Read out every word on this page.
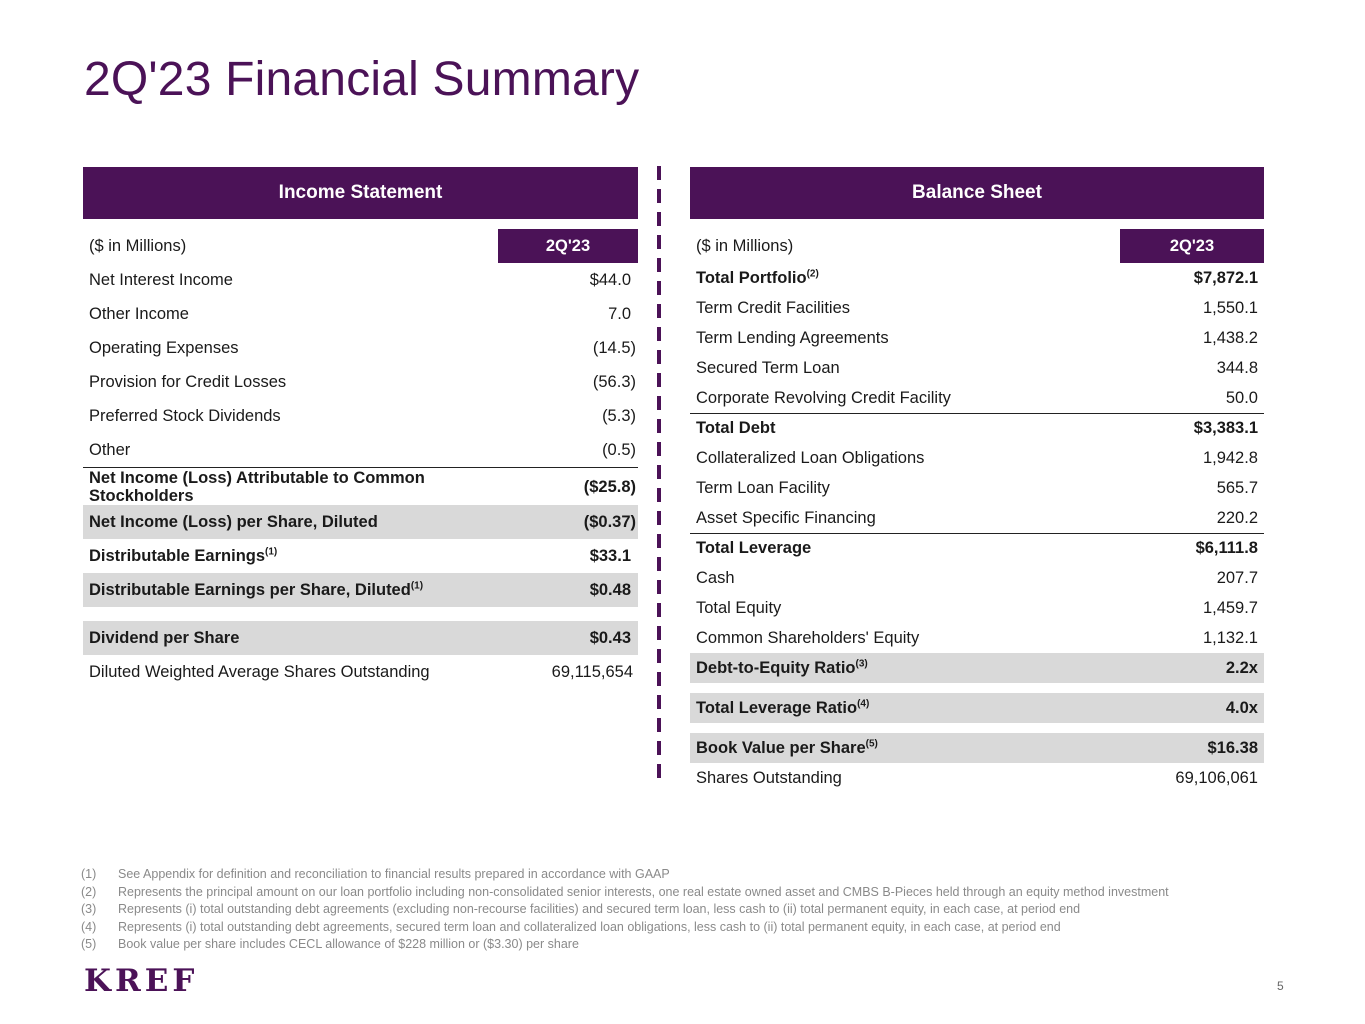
2Q'23 Financial Summary
Income Statement
($ in Millions)	2Q'23
Net Interest Income	$44.0
Other Income	7.0
Operating Expenses	(14.5)
Provision for Credit Losses	(56.3)
Preferred Stock Dividends	(5.3)
Other	(0.5)
Net Income (Loss) Attributable to Common Stockholders	($25.8)
Net Income (Loss) per Share, Diluted	($0.37)
Distributable Earnings$^{(1)}$	$33.1
Distributable Earnings per Share, Diluted$^{(1)}$	$0.48
Dividend per Share	$0.43
Diluted Weighted Average Shares Outstanding	69,115,654
Balance Sheet
($ in Millions)	2Q'23
Total Portfolio$^{(2)}$	$7,872.1
Term Credit Facilities	1,550.1
Term Lending Agreements	1,438.2
Secured Term Loan	344.8
Corporate Revolving Credit Facility	50.0
Total Debt	$3,383.1
Collateralized Loan Obligations	1,942.8
Term Loan Facility	565.7
Asset Specific Financing	220.2
Total Leverage	$6,111.8
Cash	207.7
Total Equity	1,459.7
Common Shareholders' Equity	1,132.1
Debt-to-Equity Ratio$^{(3)}$	2.2x
Total Leverage Ratio$^{(4)}$	4.0x
Book Value per Share$^{(5)}$	$16.38
Shares Outstanding	69,106,061
(1)	See Appendix for definition and reconciliation to financial results prepared in accordance with GAAP
(2)	Represents the principal amount on our loan portfolio including non-consolidated senior interests, one real estate owned asset and CMBS B-Pieces held through an equity method investment
(3)	Represents (i) total outstanding debt agreements (excluding non-recourse facilities) and secured term loan, less cash to (ii) total permanent equity, in each case, at period end
(4)	Represents (i) total outstanding debt agreements, secured term loan and collateralized loan obligations, less cash to (ii) total permanent equity, in each case, at period end
(5)	Book value per share includes CECL allowance of $228 million or ($3.30) per share
KREF	5
